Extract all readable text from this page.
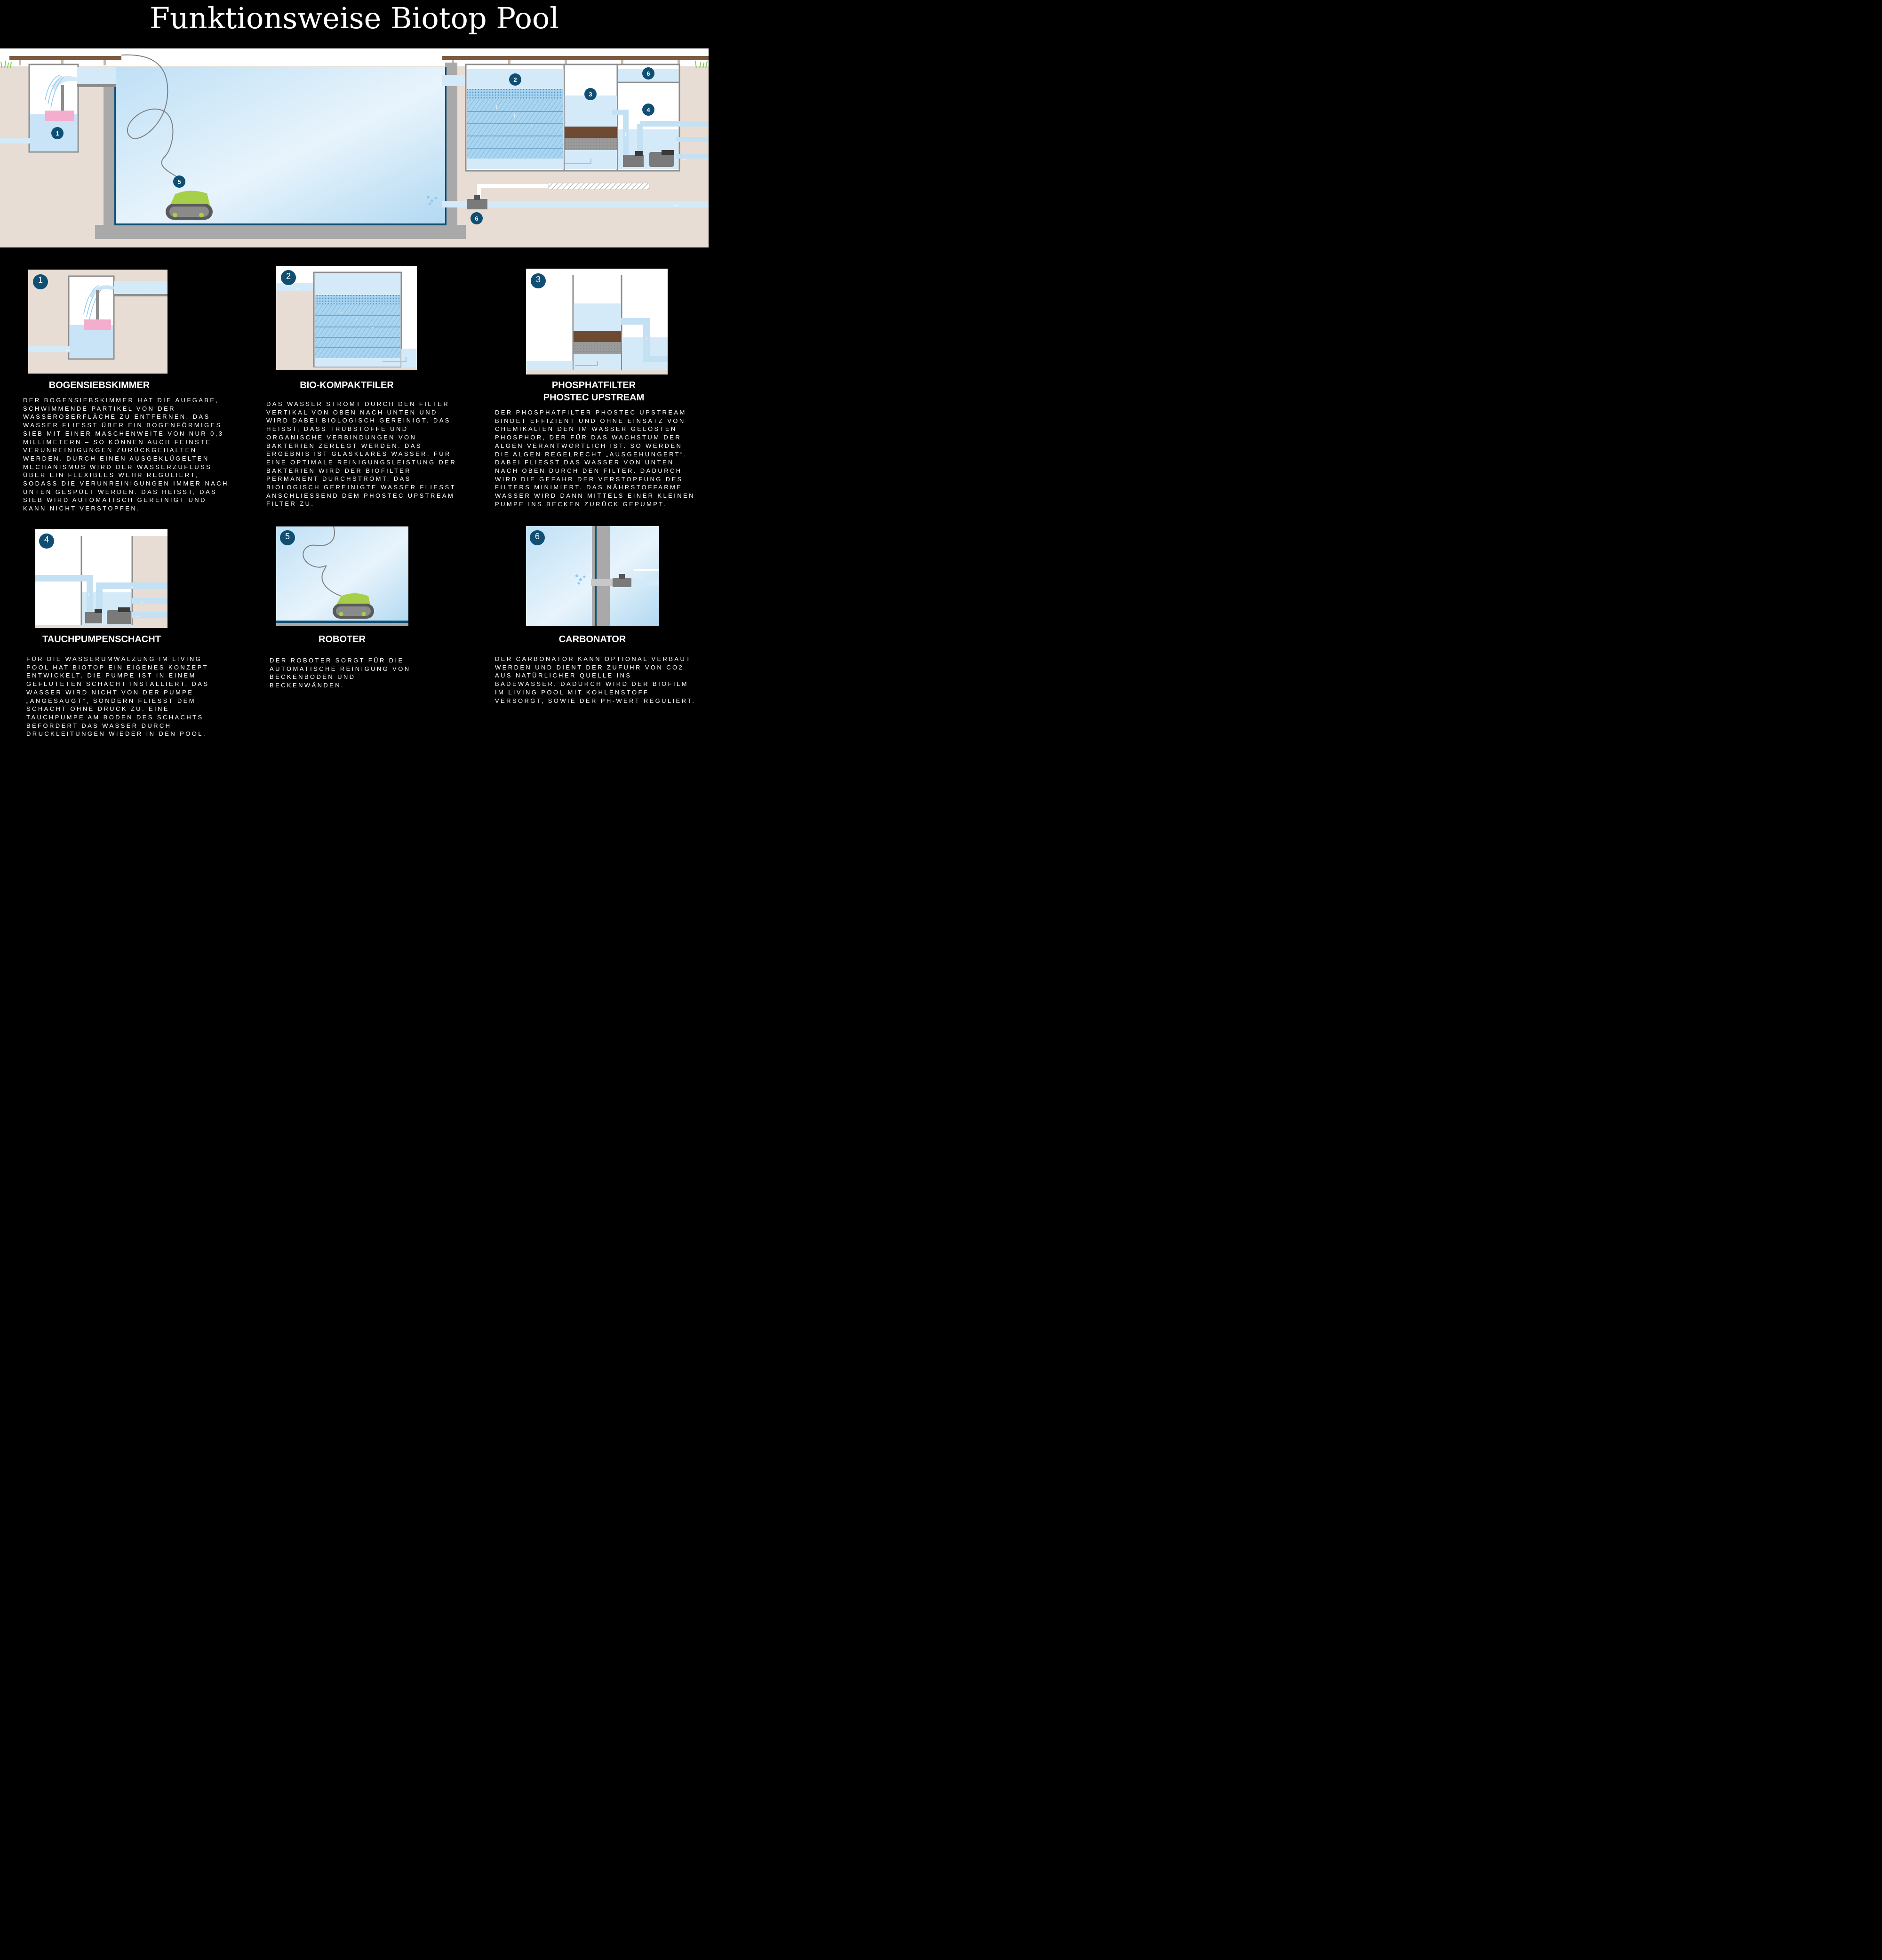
Funktionsweise Biotop Pool
←
←
→
↓
↓
↓	→
←
→
↓
←
1
2
3
4
5
6
6
←
←
1
↓
↓
↓
→
2
↓
3
→
←
→
↓
4	5	6
BOGENSIEBSKIMMER	BIO-KOMPAKTFILER	PHOSPHATFILTER
PHOSTEC UPSTREAM
TAUCHPUMPENSCHACHT	ROBOTER	CARBONATOR

DER BOGENSIEBSKIMMER HAT DIE AUFGABE, SCHWIMMENDE PARTIKEL VON DER WASSEROBERFLÄCHE ZU ENTFERNEN. DAS WASSER FLIESST ÜBER EIN BOGENFÖRMIGES SIEB MIT EINER MASCHENWEITE VON NUR 0,3 MILLIMETERN – SO KÖNNEN AUCH FEINSTE VERUNREINIGUNGEN ZURÜCKGEHALTEN WERDEN. DURCH EINEN AUSGEKLÜGELTEN MECHANISMUS WIRD DER WASSERZUFLUSS ÜBER EIN FLEXIBLES WEHR REGULIERT, SODASS DIE VERUNREINIGUNGEN IMMER NACH UNTEN GESPÜLT WERDEN. DAS HEISST, DAS SIEB WIRD AUTOMATISCH GEREINIGT UND KANN NICHT VERSTOPFEN.

DAS WASSER STRÖMT DURCH DEN FILTER VERTIKAL VON OBEN NACH UNTEN UND WIRD DABEI BIOLOGISCH GEREINIGT. DAS HEISST, DASS TRÜBSTOFFE UND ORGANISCHE VERBINDUNGEN VON BAKTERIEN ZERLEGT WERDEN. DAS ERGEBNIS IST GLASKLARES WASSER. FÜR EINE OPTIMALE REINIGUNGSLEISTUNG DER BAKTERIEN WIRD DER BIOFILTER PERMANENT DURCHSTRÖMT. DAS BIOLOGISCH GEREINIGTE WASSER FLIESST ANSCHLIESSEND DEM PHOSTEC UPSTREAM FILTER ZU.

DER PHOSPHATFILTER PHOSTEC UPSTREAM BINDET EFFIZIENT UND OHNE EINSATZ VON CHEMIKALIEN DEN IM WASSER GELÖSTEN PHOSPHOR, DER FÜR DAS WACHSTUM DER ALGEN VERANTWORTLICH IST. SO WERDEN DIE ALGEN REGELRECHT „AUSGEHUNGERT“. DABEI FLIESST DAS WASSER VON UNTEN NACH OBEN DURCH DEN FILTER. DADURCH WIRD DIE GEFAHR DER VERSTOPFUNG DES FILTERS MINIMIERT. DAS NÄHRSTOFFARME WASSER WIRD DANN MITTELS EINER KLEINEN PUMPE INS BECKEN ZURÜCK GEPUMPT.

FÜR DIE WASSERUMWÄLZUNG IM LIVING POOL HAT BIOTOP EIN EIGENES KONZEPT ENTWICKELT. DIE PUMPE IST IN EINEM GEFLUTETEN SCHACHT INSTALLIERT. DAS WASSER WIRD NICHT VON DER PUMPE „ANGESAUGT“, SONDERN FLIESST DEM SCHACHT OHNE DRUCK ZU. EINE TAUCHPUMPE AM BODEN DES SCHACHTS BEFÖRDERT DAS WASSER DURCH DRUCKLEITUNGEN WIEDER IN DEN POOL.

DER ROBOTER SORGT FÜR DIE AUTOMATISCHE REINIGUNG VON BECKENBODEN UND BECKENWÄNDEN.

DER CARBONATOR KANN OPTIONAL VERBAUT WERDEN UND DIENT DER ZUFUHR VON CO2 AUS NATÜRLICHER QUELLE INS BADEWASSER. DADURCH WIRD DER BIOFILM IM LIVING POOL MIT KOHLENSTOFF VERSORGT, SOWIE DER PH-WERT REGULIERT.
